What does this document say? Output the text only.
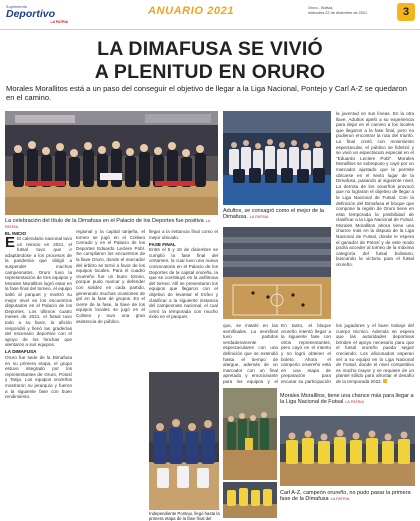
Suplemento
Deportivo
LA PATRIA
ANUARIO 2021	Oruro - Bolivia,
miércoles 22 de diciembre de 2021	3
LA DIMAFUSA SE VIVIÓ
A PLENITUD EN ORURO
Morales Morallitos está a un paso del conseguir el objetivo de llegar a la Liga Nacional, Pontejo y Carl A-Z se quedaron en el camino.
La celebración del título de la Dimafusa en el Palacio de los Deportes fue positiva LA PATRIA
Adultos, se consagró como el mejor de la Dimafusa. LA PATRIA

la juventud en sus líneas. En la otra llave, Adultos apeló a su experiencia para dejar en el camino a los locales que llegaron a la fase final, pero no pudieron encontrar la ruta del triunfo. La final contó con movimiento espectacular, el público se fidelizó y se vivió un espectáculo especial en el "Eduardo Leclere Pobl". Morales Morallitos se sobrepuso y cayó por un marcador ajustado que le permite ubicarse en el sexto lugar de la Dimafusa, pasando al siguiente nivel. La derrota de los oruerños provocó que no lograran el objetivo de llegar a la Liga Nacional de Futsal. Con la definición del Dimafusa el bloque que compone la región de Oruro tiene en esta temporada la posibilidad de clasificar a la Liga Nacional de Futsal. Morales Morallitos ahora tiene una chance más en la disputa de la Liga Nacional de Futsal, donde le espera el ganador de Potosí y de este modo podrá acceder al torneo de la máxima categoría del futsal boliviano, buscando la victoria para el futsal orureño.

EL INICIO

E El calendario nacional tuvo un reinicio en 2021, el futsal tuvo que ir adaptándose a los procesos de la pandemia que obligó a suspender muchos campeonatos. Oruro tuvo la representación de tres equipos y Morales Morallitos logró estar en la fase final del torneo, el equipo saltó al parquet y mostró su mejor nivel en los encuentros disputados en el Palacio de los Deportes. Los últimos cuatro meses de 2021, el futsal tuvo todo a su favor, la afición respondió y llenó las graderías del escenario deportivo con el apoyo de los hinchas que alentaron a sus equipos.

LA DIMAFUSA

Oruro fue sede de la Dimafusa en su primera etapa, el grupo estuvo integrado por los representantes de Oruro, Potosí y Tarija. Los equipos orureños mostraron su jerarquía y fueron a la siguiente fase con buen rendimiento.

regional y la capital tarijeña, el torneo se jugó en el Coliseo Cerrado y en el Palacio de los Deportes Eduardo Leclere Pobl. Se cumplieron los encuentros de la llave Oruro, donde el marcador del árbitro se tornó a favor de los equipos locales. Para el cuadro oruereño fue un buen torneo, porque pudo marcar y defender con solidez en cada partido, generando muchas ocasiones de gol en la fase de grupos. En el cierre de la fase, la llave de los equipos locales se jugó en el Coliseo y tuvo una gran asistencia de público.

llegar a la instancia final como el mejor ubicado.

FASE FINAL

Entre el 5 y 16 de diciembre se cumplió la fase final del certamen, la cual tuvo una nueva convocatoria en el Palacio de los Deportes de la capital orureña, la que se constituyó en la anfitriona del torneo. Allí se presentaron los equipos que llegaron con el objetivo de levantar el trofeo y clasificar a la siguiente instancia del campeonato nacional, el cual cerró la temporada con mucho éxito en el parquet.

que, se instaló en las semifinales. La semifinal tuvo partidos verdaderamente espectaculares con una definición que se extendió hasta el tiempo de alargue, además de un marcador con un final apretado y emocionante para los equipos y el

En tanto, el bloque orureño intentó llegar a la siguiente fase con otros representantes, pero cayó en el intento y no logró obtener el boleto. Ahora el campeón oruereño está en una etapa de preparación para encarar su participación

los jugadores y el buen trabajo del cuerpo técnico. Además se espera que las autoridades deportivas brinden el apoyo necesario para que el futsal orureño pueda seguir creciendo. Los aficionados esperan ver a su equipo en la Liga Nacional de Futsal, donde el nivel competitivo es mucho mayor y se requiere de un plantel sólido para afrontar el desafío de la temporada 2022.

Morales Morallitos, tiene una chance más para llegar a la Liga Nacional de Futsal LA PATRIA
Independiente Pontejo, llegó hasta la primera etapa de la fase final del
Carl A-Z, campeón orureño, no pudo pasar la primera fase de la Dimafusa LA PATRIA
